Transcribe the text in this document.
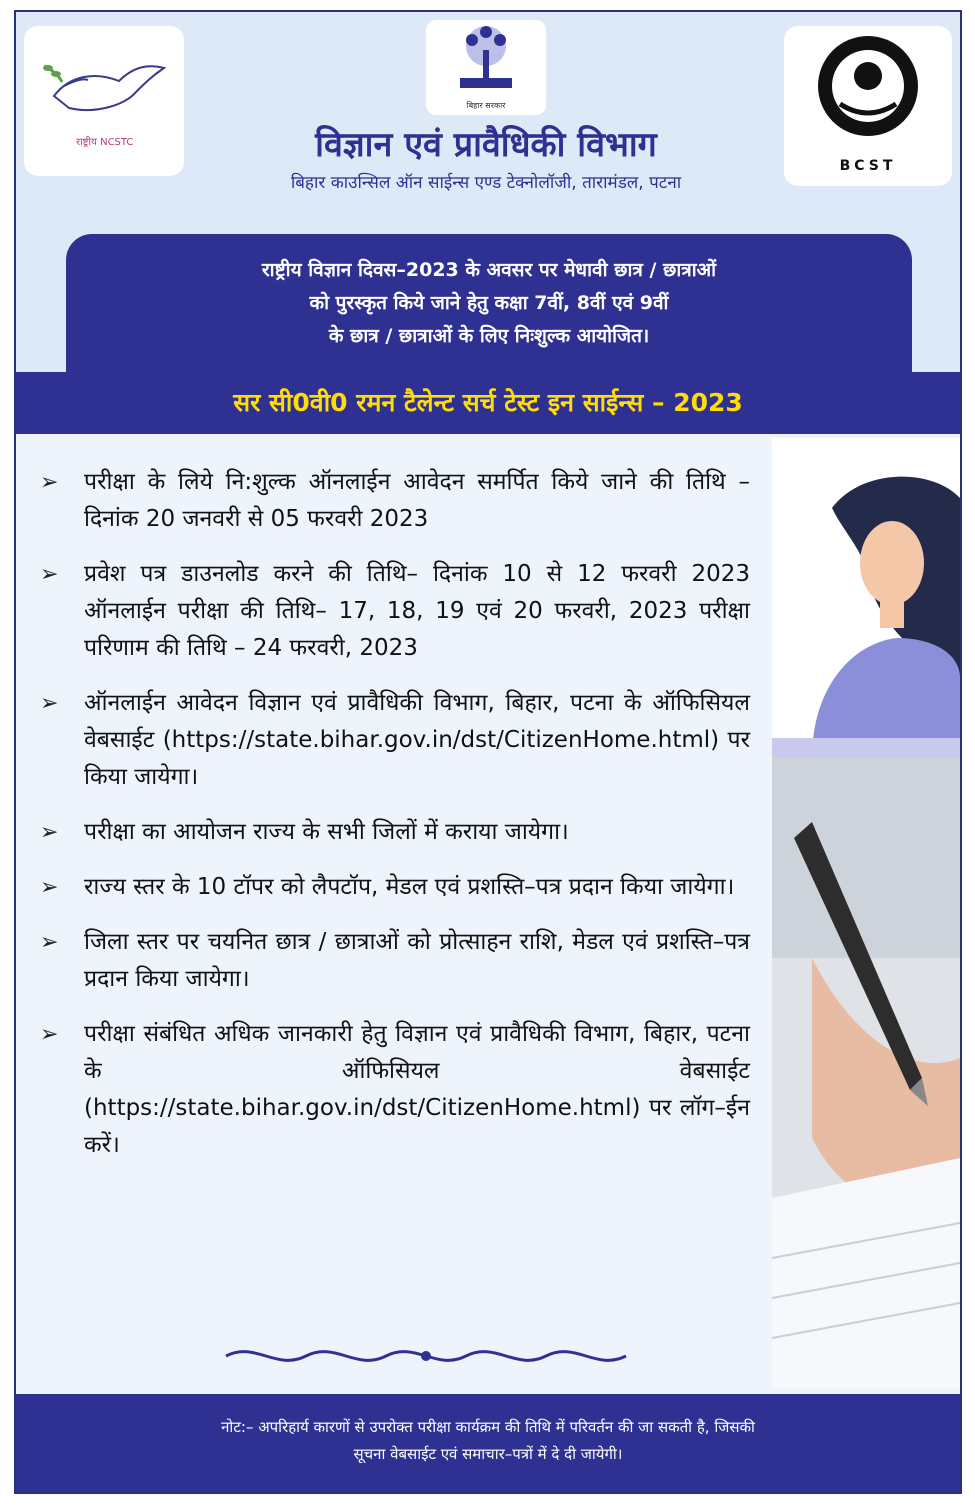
राष्ट्रीय NCSTC
बिहार सरकार
BCST
विज्ञान एवं प्रावैधिकी विभाग
बिहार काउन्सिल ऑन साईन्स एण्ड टेक्नोलॉजी, तारामंडल, पटना
राष्ट्रीय विज्ञान दिवस–2023 के अवसर पर मेधावी छात्र / छात्राओं
को पुरस्कृत किये जाने हेतु कक्षा 7वीं, 8वीं एवं 9वीं
के छात्र / छात्राओं के लिए निःशुल्क आयोजित।
सर सी0वी0 रमन टैलेन्ट सर्च टेस्ट इन साईन्स – 2023
➢ परीक्षा के लिये नि:शुल्क ऑनलाईन आवेदन समर्पित किये जाने की तिथि – दिनांक 20 जनवरी से 05 फरवरी 2023
➢ प्रवेश पत्र डाउनलोड करने की तिथि– दिनांक 10 से 12 फरवरी 2023 ऑनलाईन परीक्षा की तिथि– 17, 18, 19 एवं 20 फरवरी, 2023 परीक्षा परिणाम की तिथि – 24 फरवरी, 2023
➢ ऑनलाईन आवेदन विज्ञान एवं प्रावैधिकी विभाग, बिहार, पटना के ऑफिसियल वेबसाईट (https://state.bihar.gov.in/dst/CitizenHome.html) पर किया जायेगा।
➢ परीक्षा का आयोजन राज्य के सभी जिलों में कराया जायेगा।
➢ राज्य स्तर के 10 टॉपर को लैपटॉप, मेडल एवं प्रशस्ति–पत्र प्रदान किया जायेगा।
➢ जिला स्तर पर चयनित छात्र / छात्राओं को प्रोत्साहन राशि, मेडल एवं प्रशस्ति–पत्र प्रदान किया जायेगा।
➢ परीक्षा संबंधित अधिक जानकारी हेतु विज्ञान एवं प्रावैधिकी विभाग, बिहार, पटना के ऑफिसियल वेबसाईट (https://state.bihar.gov.in/dst/CitizenHome.html) पर लॉग–ईन करें।
नोट:– अपरिहार्य कारणों से उपरोक्त परीक्षा कार्यक्रम की तिथि में परिवर्तन की जा सकती है, जिसकी
सूचना वेबसाईट एवं समाचार–पत्रों में दे दी जायेगी।
